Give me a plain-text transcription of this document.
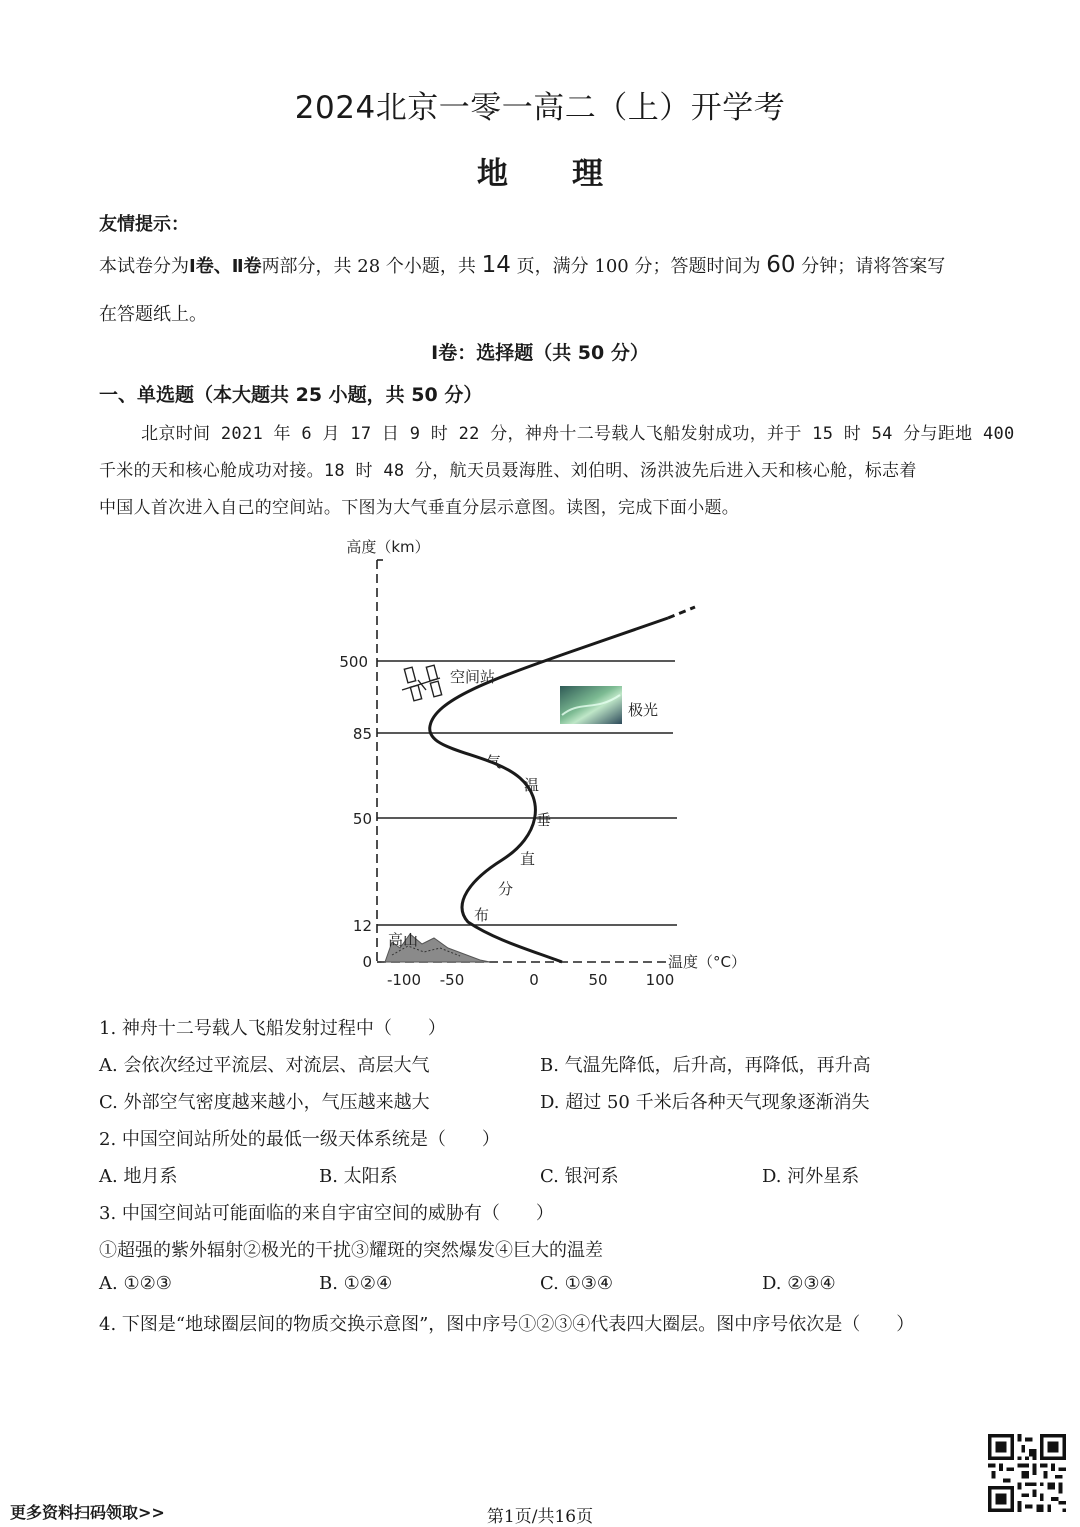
2024北京一零一高二（上）开学考
地 理
友情提示：
本试卷分为Ⅰ卷、Ⅱ卷两部分，共 28 个小题，共 14 页，满分 100 分；答题时间为 60 分钟；请将答案写
在答题纸上。
Ⅰ卷：选择题（共 50 分）
一、单选题（本大题共 25 小题，共 50 分）

北京时间 2021 年 6 月 17 日 9 时 22 分，神舟十二号载人飞船发射成功，并于 15 时 54 分与距地 400

千米的天和核心舱成功对接。18 时 48 分，航天员聂海胜、刘伯明、汤洪波先后进入天和核心舱，标志着

中国人首次进入自己的空间站。下图为大气垂直分层示意图。读图，完成下面小题。

500
85
50
12
0
-100 -50	0	50	100
高度（km）
温度（°C）
高山
气
温
垂
直
分
布
空间站
极光
1. 神舟十二号载人飞船发射过程中（　　）
A. 会依次经过平流层、对流层、高层大气	B. 气温先降低，后升高，再降低，再升高
C. 外部空气密度越来越小，气压越来越大	D. 超过 50 千米后各种天气现象逐渐消失
2. 中国空间站所处的最低一级天体系统是（　　）
A. 地月系	B. 太阳系	C. 银河系	D. 河外星系
3. 中国空间站可能面临的来自宇宙空间的威胁有（　　）
①超强的紫外辐射②极光的干扰③耀斑的突然爆发④巨大的温差
A. ①②③	B. ①②④	C. ①③④	D. ②③④
4. 下图是“地球圈层间的物质交换示意图”，图中序号①②③④代表四大圈层。图中序号依次是（　　）
更多资料扫码领取>>	第1页/共16页
